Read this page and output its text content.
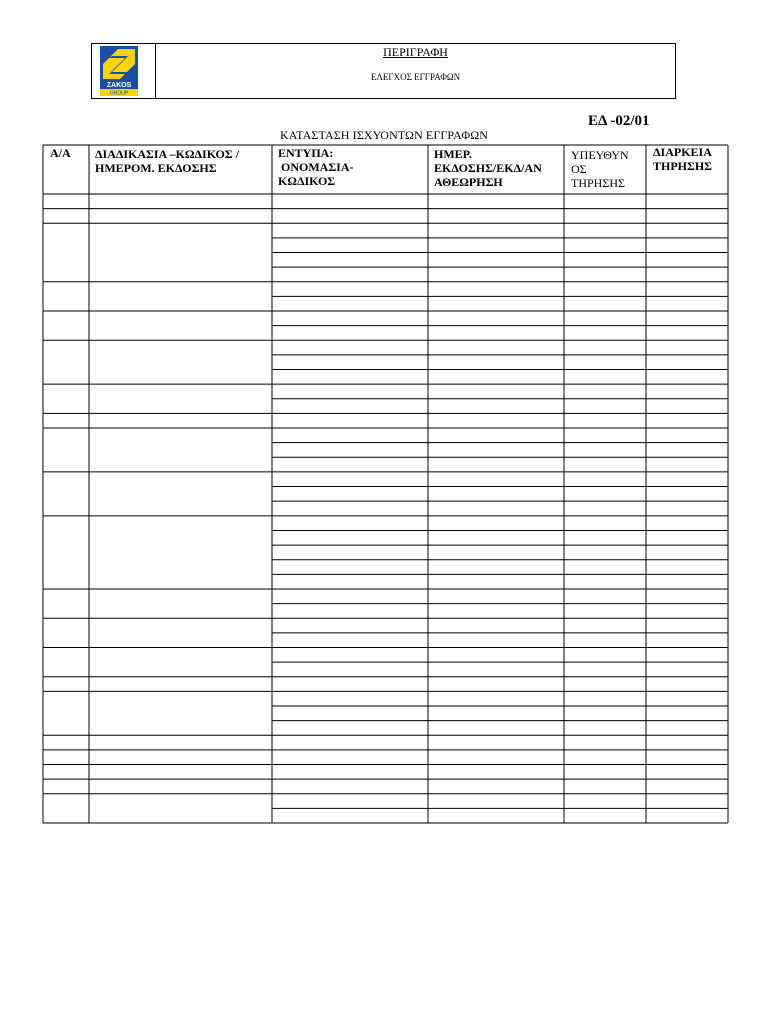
ZAKOS
GROUP
ΠΕΡΙΓΡΑΦΗ
ΕΛΕΓΧΟΣ ΕΓΓΡΑΦΩΝ
ΕΔ -02/01
ΚΑΤΑΣΤΑΣΗ ΙΣΧΥΟΝΤΩΝ ΕΓΓΡΑΦΩΝ
Α/Α ΔΙΑΔΙΚΑΣΙΑ –ΚΩΔΙΚΟΣ /
ΗΜΕΡΟΜ. ΕΚΔΟΣΗΣ
ΕΝΤΥΠΑ:
ΟΝΟΜΑΣΙΑ-
ΚΩΔΙΚΟΣ
ΗΜΕΡ.
ΕΚΔΟΣΗΣ/ΕΚΔ/ΑΝ
ΑΘΕΩΡΗΣΗ
ΥΠΕΥΘΥΝ
ΟΣ
ΤΗΡΗΣΗΣ
ΔΙΑΡΚΕΙΑ
ΤΗΡΗΣΗΣ
